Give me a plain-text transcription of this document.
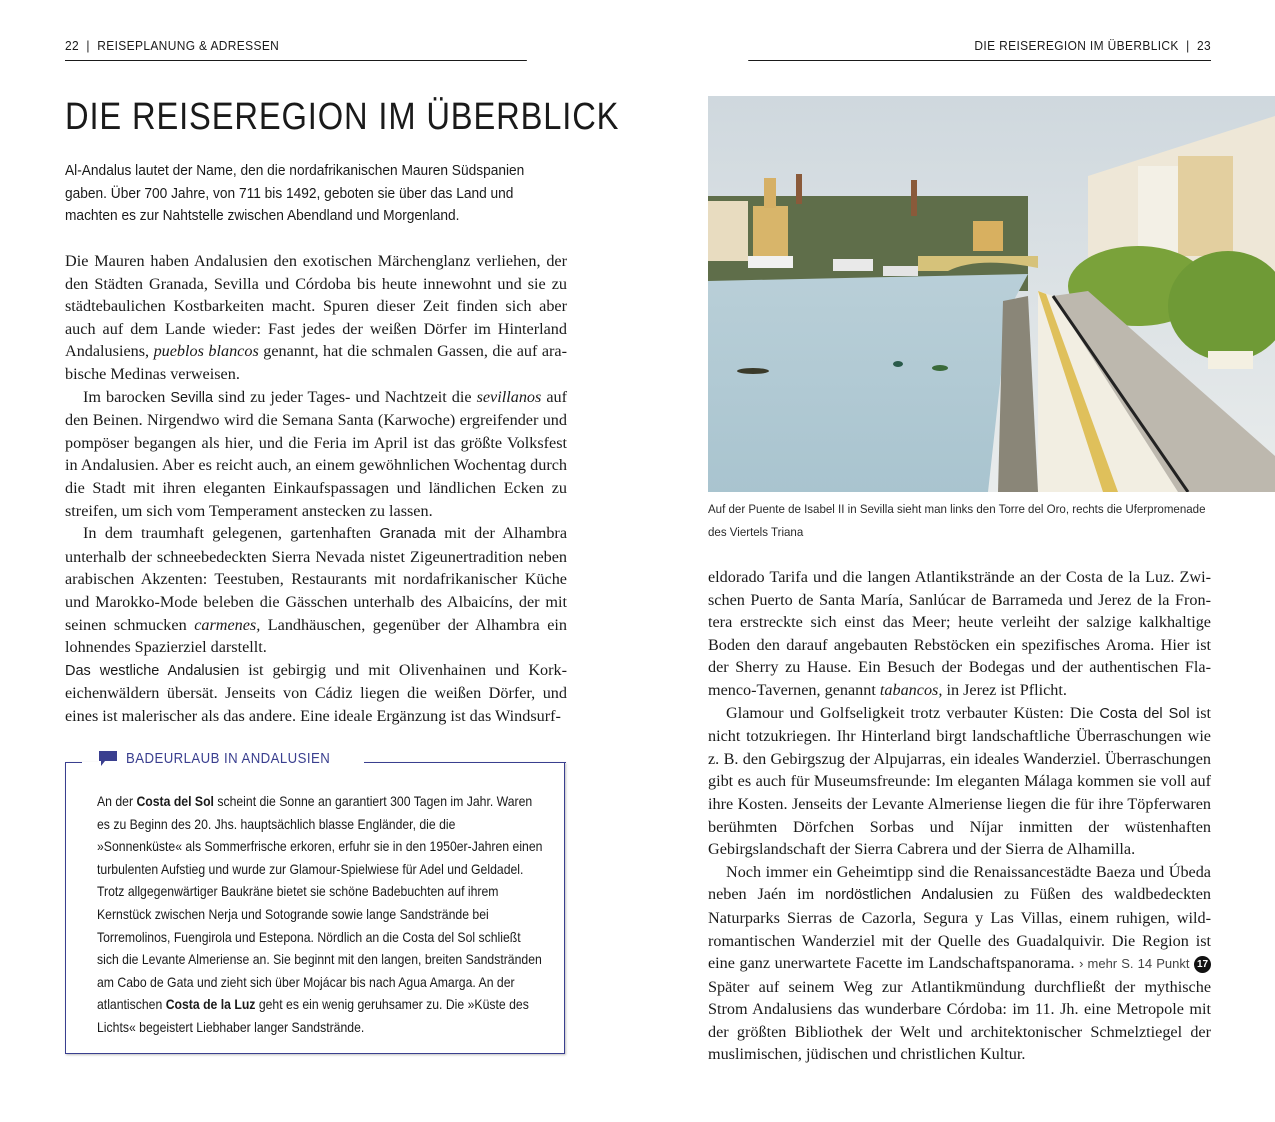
22 | REISEPLANUNG & ADRESSEN
DIE REISEREGION IM ÜBERBLICK

Al-Andalus lautet der Name, den die nordafrikanischen Mauren Südspanien gaben. Über 700 Jahre, von 711 bis 1492, geboten sie über das Land und machten es zur Nahtstelle zwischen Abendland und Morgenland.

Die Mauren haben Andalusien den exotischen Märchenglanz verliehen, der den Städten Granada, Sevilla und Córdoba bis heute innewohnt und sie zu städtebaulichen Kostbarkeiten macht. Spuren dieser Zeit finden sich aber auch auf dem Lande wieder: Fast jedes der weißen Dörfer im Hinterland Andalusiens, pueblos blancos genannt, hat die schmalen Gassen, die auf arabische Medinas verweisen.

Im barocken Sevilla sind zu jeder Tages- und Nachtzeit die sevillanos auf den Beinen. Nirgendwo wird die Semana Santa (Karwoche) ergreifender und pompöser begangen als hier, und die Feria im April ist das größte Volksfest in Andalusien. Aber es reicht auch, an einem gewöhnlichen Wochentag durch die Stadt mit ihren eleganten Einkaufspassagen und ländlichen Ecken zu streifen, um sich vom Temperament anstecken zu lassen.

In dem traumhaft gelegenen, gartenhaften Granada mit der Alhambra unterhalb der schneebedeckten Sierra Nevada nistet Zigeunertradition neben arabischen Akzenten: Teestuben, Restaurants mit nordafrikanischer Küche und Marokko-Mode beleben die Gässchen unterhalb des Albaicíns, der mit seinen schmucken carmenes, Landhäuschen, gegenüber der Alhambra ein lohnendes Spazierziel darstellt.

Das westliche Andalusien ist gebirgig und mit Olivenhainen und Korkeichenwäldern übersät. Jenseits von Cádiz liegen die weißen Dörfer, und eines ist malerischer als das andere. Eine ideale Ergänzung ist das Windsurf-

BADEURLAUB IN ANDALUSIEN

An der Costa del Sol scheint die Sonne an garantiert 300 Tagen im Jahr. Waren es zu Beginn des 20. Jhs. hauptsächlich blasse Engländer, die die »Sonnenküste« als Sommerfrische erkoren, erfuhr sie in den 1950er-Jahren einen turbulenten Aufstieg und wurde zur Glamour-Spielwiese für Adel und Geldadel. Trotz allgegenwärtiger Baukräne bietet sie schöne Badebuchten auf ihrem Kernstück zwischen Nerja und Sotogrande sowie lange Sandstrände bei Torremolinos, Fuengirola und Estepona. Nördlich an die Costa del Sol schließt sich die Levante Almeriense an. Sie beginnt mit den langen, breiten Sandstränden am Cabo de Gata und zieht sich über Mojácar bis nach Agua Amarga. An der atlantischen Costa de la Luz geht es ein wenig geruhsamer zu. Die »Küste des Lichts« begeistert Liebhaber langer Sandstrände.

DIE REISEREGION IM ÜBERBLICK | 23

Auf der Puente de Isabel II in Sevilla sieht man links den Torre del Oro, rechts die Uferpromenade des Viertels Triana

eldorado Tarifa und die langen Atlantikstrände an der Costa de la Luz. Zwischen Puerto de Santa María, Sanlúcar de Barrameda und Jerez de la Frontera erstreckte sich einst das Meer; heute verleiht der salzige kalkhaltige Boden den darauf angebauten Rebstöcken ein spezifisches Aroma. Hier ist der Sherry zu Hause. Ein Besuch der Bodegas und der authentischen Flamenco-Tavernen, genannt tabancos, in Jerez ist Pflicht.

Glamour und Golfseligkeit trotz verbauter Küsten: Die Costa del Sol ist nicht totzukriegen. Ihr Hinterland birgt landschaftliche Überraschungen wie z. B. den Gebirgszug der Alpujarras, ein ideales Wanderziel. Überraschungen gibt es auch für Museumsfreunde: Im eleganten Málaga kommen sie voll auf ihre Kosten. Jenseits der Levante Almeriense liegen die für ihre Töpferwaren berühmten Dörfchen Sorbas und Níjar inmitten der wüstenhaften Gebirgslandschaft der Sierra Cabrera und der Sierra de Alhamilla.

Noch immer ein Geheimtipp sind die Renaissancestädte Baeza und Úbeda neben Jaén im nordöstlichen Andalusien zu Füßen des waldbedeckten Naturparks Sierras de Cazorla, Segura y Las Villas, einem ruhigen, wildromantischen Wanderziel mit der Quelle des Guadalquivir. Die Region ist eine ganz unerwartete Facette im Landschaftspanorama. › mehr S. 14 Punkt 17 Später auf seinem Weg zur Atlantikmündung durchfließt der mythische Strom Andalusiens das wunderbare Córdoba: im 11. Jh. eine Metropole mit der größten Bibliothek der Welt und architektonischer Schmelztiegel der muslimischen, jüdischen und christlichen Kultur.
